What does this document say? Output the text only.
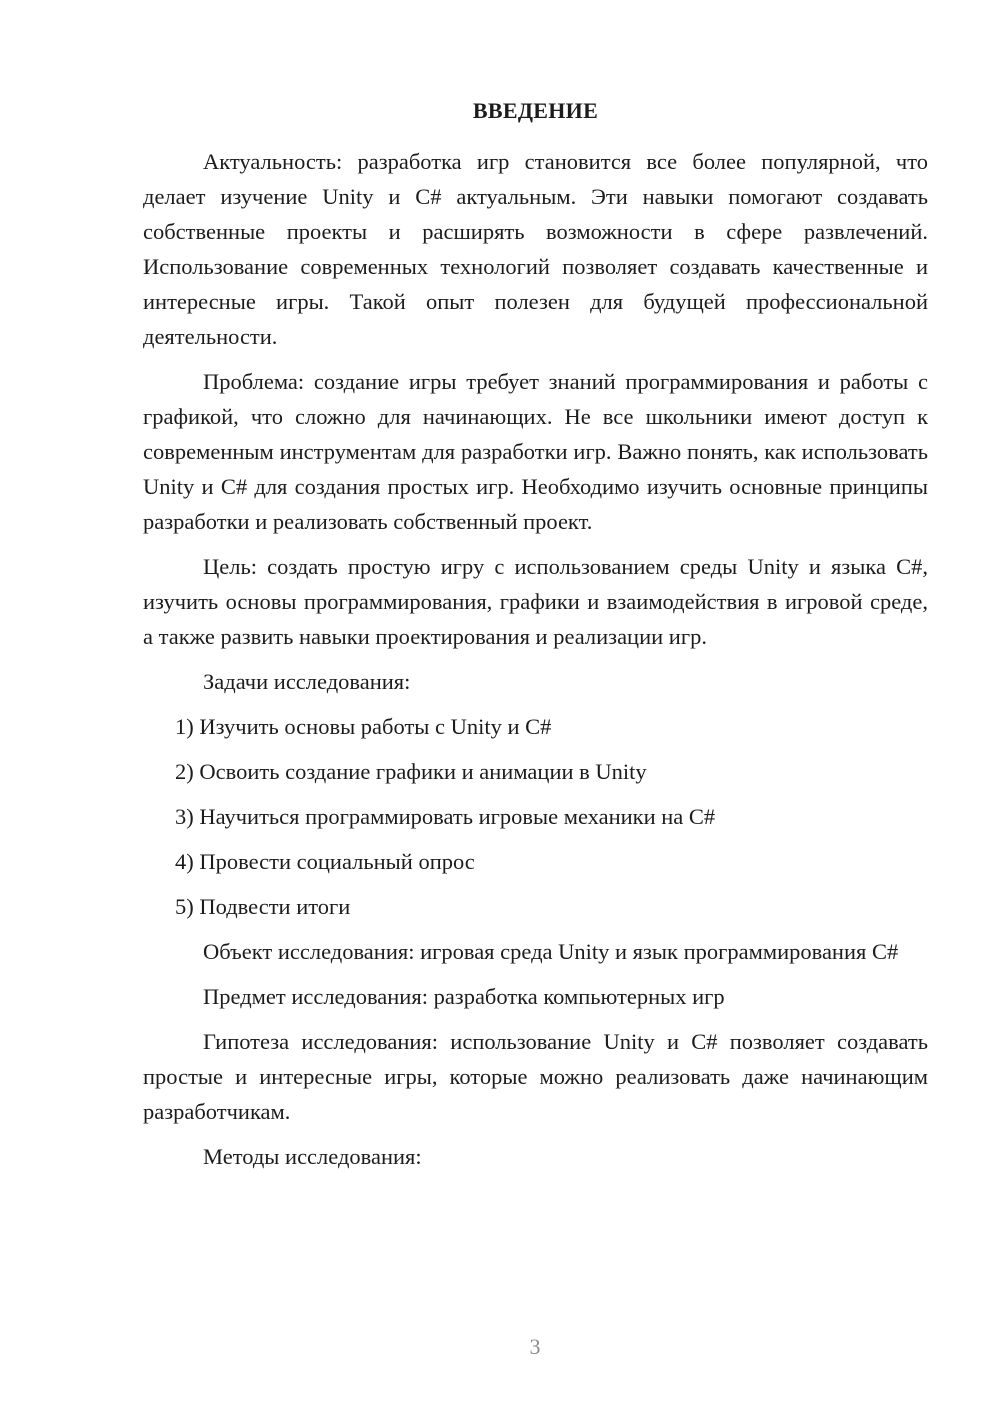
ВВЕДЕНИЕ

Актуальность: разработка игр становится все более популярной, что делает изучение Unity и C# актуальным. Эти навыки помогают создавать собственные проекты и расширять возможности в сфере развлечений. Использование современных технологий позволяет создавать качественные и интересные игры. Такой опыт полезен для будущей профессиональной деятельности.

Проблема: создание игры требует знаний программирования и работы с графикой, что сложно для начинающих. Не все школьники имеют доступ к современным инструментам для разработки игр. Важно понять, как использовать Unity и C# для создания простых игр. Необходимо изучить основные принципы разработки и реализовать собственный проект.

Цель: создать простую игру с использованием среды Unity и языка C#, изучить основы программирования, графики и взаимодействия в игровой среде, а также развить навыки проектирования и реализации игр.

Задачи исследования:

1) Изучить основы работы с Unity и C#

2) Освоить создание графики и анимации в Unity

3) Научиться программировать игровые механики на C#

4) Провести социальный опрос

5) Подвести итоги

Объект исследования: игровая среда Unity и язык программирования C#

Предмет исследования: разработка компьютерных игр

Гипотеза исследования: использование Unity и C# позволяет создавать простые и интересные игры, которые можно реализовать даже начинающим разработчикам.

Методы исследования:

3
